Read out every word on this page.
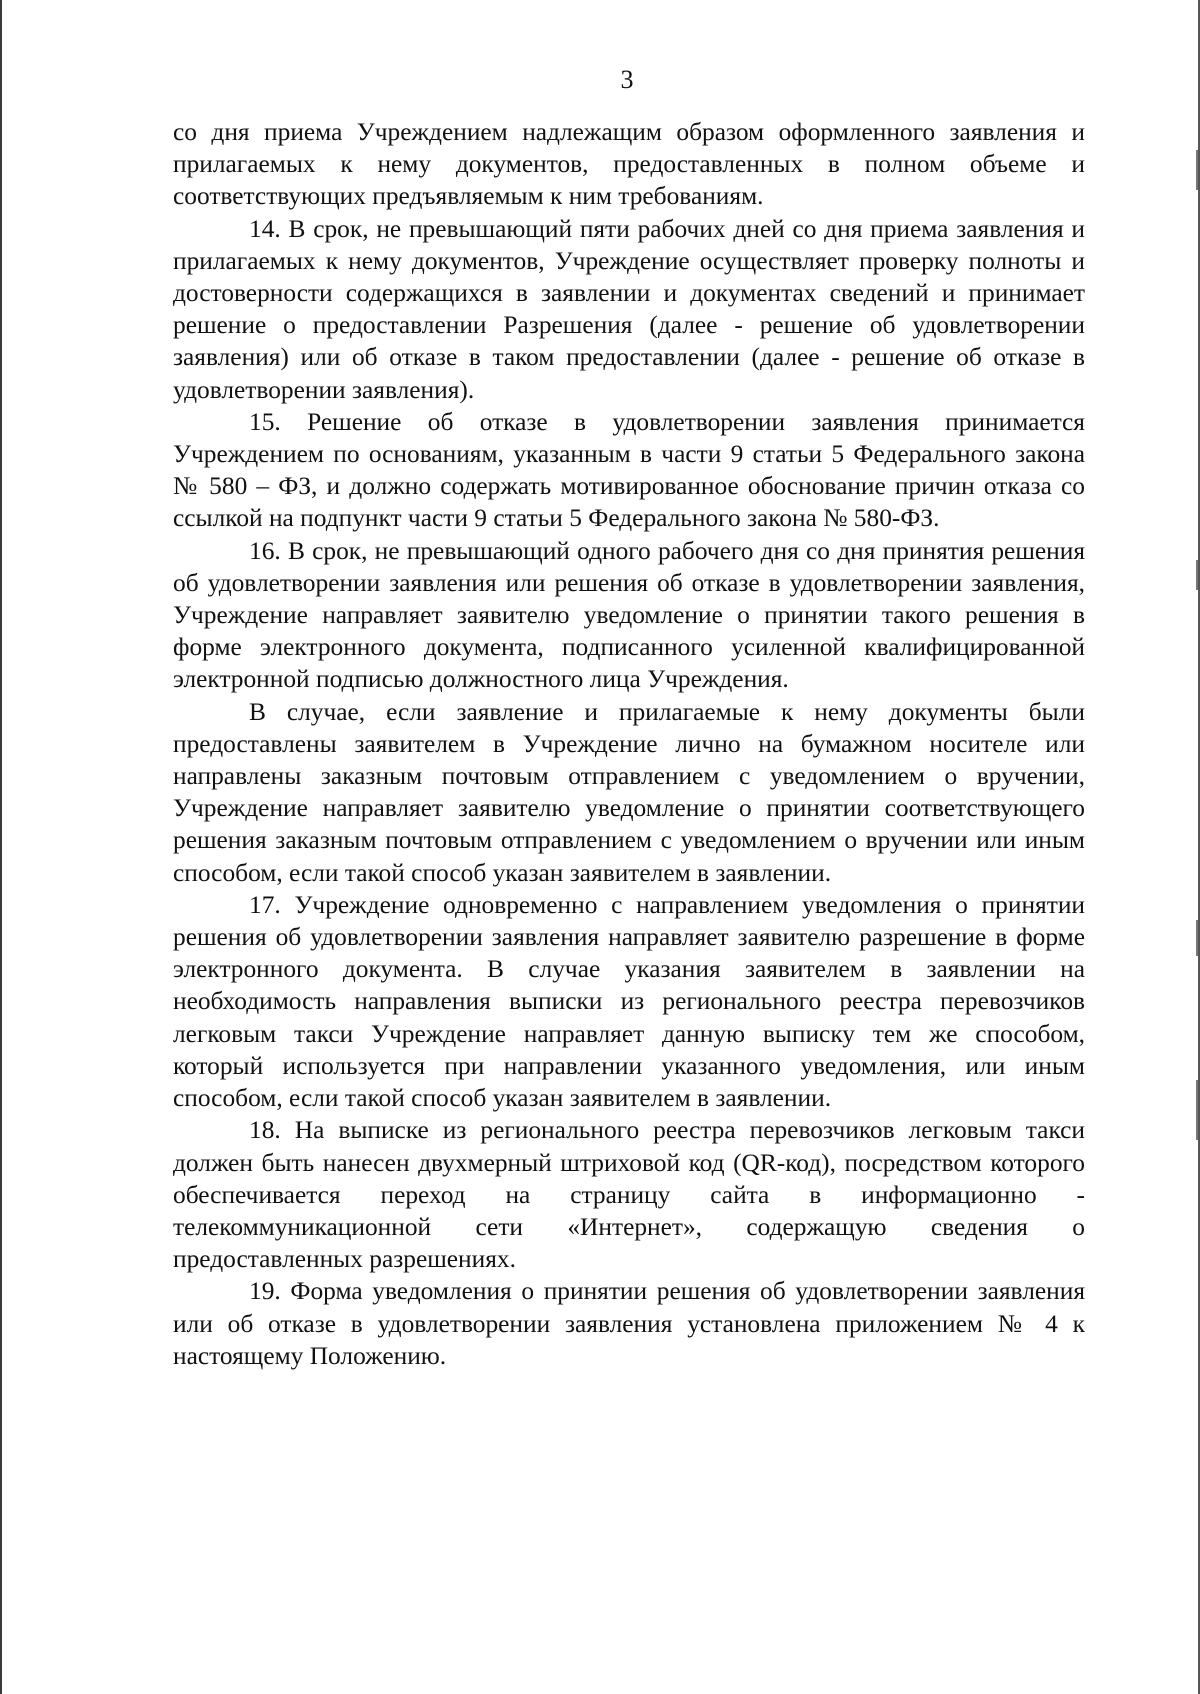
3

со дня приема Учреждением надлежащим образом оформленного заявления и прилагаемых к нему документов, предоставленных в полном объеме и соответствующих предъявляемым к ним требованиям.

14. В срок, не превышающий пяти рабочих дней со дня приема заявления и прилагаемых к нему документов, Учреждение осуществляет проверку полноты и достоверности содержащихся в заявлении и документах сведений и принимает решение о предоставлении Разрешения (далее - решение об удовлетворении заявления) или об отказе в таком предоставлении (далее - решение об отказе в удовлетворении заявления).

15. Решение об отказе в удовлетворении заявления принимается Учреждением по основаниям, указанным в части 9 статьи 5 Федерального закона № 580 – ФЗ, и должно содержать мотивированное обоснование причин отказа со ссылкой на подпункт части 9 статьи 5 Федерального закона № 580-ФЗ.

16. В срок, не превышающий одного рабочего дня со дня принятия решения об удовлетворении заявления или решения об отказе в удовлетворении заявления, Учреждение направляет заявителю уведомление о принятии такого решения в форме электронного документа, подписанного усиленной квалифицированной электронной подписью должностного лица Учреждения.

В случае, если заявление и прилагаемые к нему документы были предоставлены заявителем в Учреждение лично на бумажном носителе или направлены заказным почтовым отправлением с уведомлением о вручении, Учреждение направляет заявителю уведомление о принятии соответствующего решения заказным почтовым отправлением с уведомлением о вручении или иным способом, если такой способ указан заявителем в заявлении.

17. Учреждение одновременно с направлением уведомления о принятии решения об удовлетворении заявления направляет заявителю разрешение в форме электронного документа. В случае указания заявителем в заявлении на необходимость направления выписки из регионального реестра перевозчиков легковым такси Учреждение направляет данную выписку тем же способом, который используется при направлении указанного уведомления, или иным способом, если такой способ указан заявителем в заявлении.

18. На выписке из регионального реестра перевозчиков легковым такси должен быть нанесен двухмерный штриховой код (QR-код), посредством которого обеспечивается переход на страницу сайта в информационно - телекоммуникационной сети «Интернет», содержащую сведения о предоставленных разрешениях.

19. Форма уведомления о принятии решения об удовлетворении заявления или об отказе в удовлетворении заявления установлена приложением № 4 к настоящему Положению.
